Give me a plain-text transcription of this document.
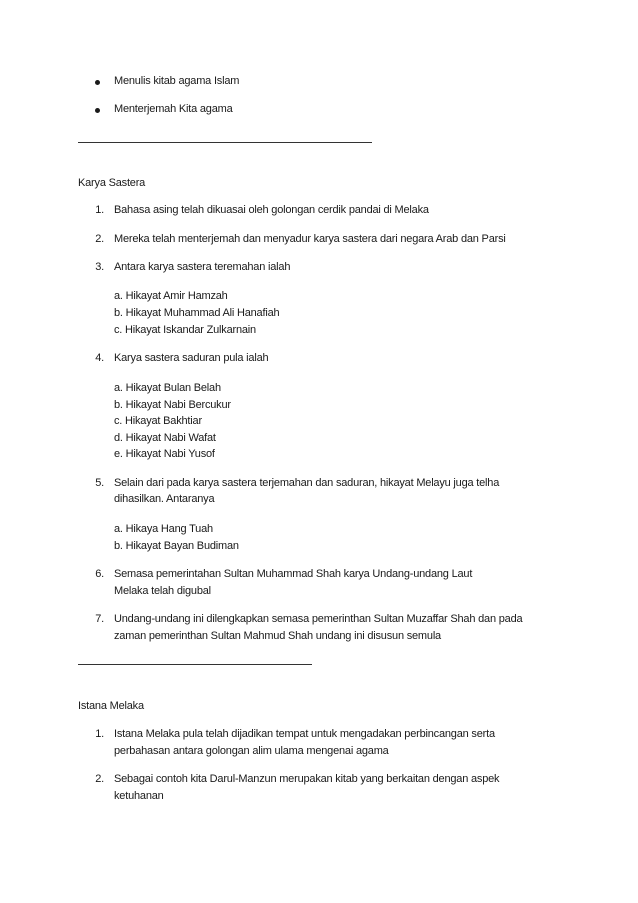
Menulis kitab agama Islam
Menterjemah Kita agama
Karya Sastera
1. Bahasa asing telah dikuasai oleh golongan cerdik pandai di Melaka
2. Mereka telah menterjemah dan menyadur karya sastera dari negara Arab dan Parsi
3. Antara karya sastera teremahan ialah
a. Hikayat Amir Hamzah
b. Hikayat Muhammad Ali Hanafiah
c. Hikayat Iskandar Zulkarnain
4. Karya sastera saduran pula ialah
a. Hikayat Bulan Belah
b. Hikayat Nabi Bercukur
c. Hikayat Bakhtiar
d. Hikayat Nabi Wafat
e. Hikayat Nabi Yusof
5. Selain dari pada karya sastera terjemahan dan saduran, hikayat Melayu juga telha
dihasilkan. Antaranya
a. Hikaya Hang Tuah
b. Hikayat Bayan Budiman
6. Semasa pemerintahan Sultan Muhammad Shah karya Undang-undang Laut
Melaka telah digubal
7. Undang-undang ini dilengkapkan semasa pemerinthan Sultan Muzaffar Shah dan pada
zaman pemerinthan Sultan Mahmud Shah undang ini disusun semula
Istana Melaka
1. Istana Melaka pula telah dijadikan tempat untuk mengadakan perbincangan serta
perbahasan antara golongan alim ulama mengenai agama
2. Sebagai contoh kita Darul-Manzun merupakan kitab yang berkaitan dengan aspek
ketuhanan
